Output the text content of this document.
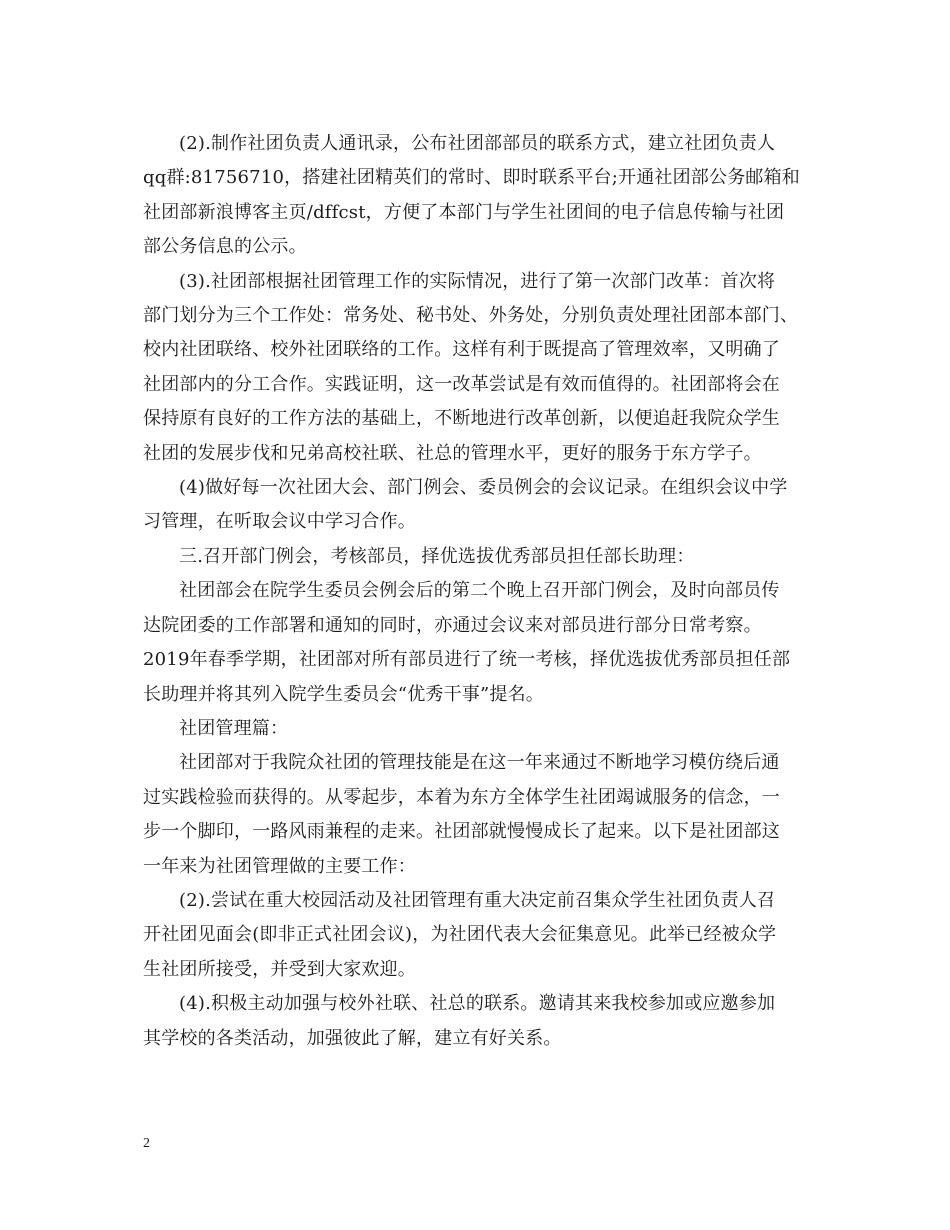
(2).制作社团负责人通讯录，公布社团部部员的联系方式，建立社团负责人
qq群:81756710，搭建社团精英们的常时、即时联系平台;开通社团部公务邮箱和
社团部新浪博客主页/dffcst，方便了本部门与学生社团间的电子信息传输与社团
部公务信息的公示。

(3).社团部根据社团管理工作的实际情况，进行了第一次部门改革：首次将
部门划分为三个工作处：常务处、秘书处、外务处，分别负责处理社团部本部门、
校内社团联络、校外社团联络的工作。这样有利于既提高了管理效率，又明确了
社团部内的分工合作。实践证明，这一改革尝试是有效而值得的。社团部将会在
保持原有良好的工作方法的基础上，不断地进行改革创新，以便追赶我院众学生
社团的发展步伐和兄弟高校社联、社总的管理水平，更好的服务于东方学子。

(4)做好每一次社团大会、部门例会、委员例会的会议记录。在组织会议中学
习管理，在听取会议中学习合作。

三.召开部门例会，考核部员，择优选拔优秀部员担任部长助理：

社团部会在院学生委员会例会后的第二个晚上召开部门例会，及时向部员传
达院团委的工作部署和通知的同时，亦通过会议来对部员进行部分日常考察。
2019年春季学期，社团部对所有部员进行了统一考核，择优选拔优秀部员担任部
长助理并将其列入院学生委员会“优秀干事”提名。

社团管理篇：

社团部对于我院众社团的管理技能是在这一年来通过不断地学习模仿绕后通
过实践检验而获得的。从零起步，本着为东方全体学生社团竭诚服务的信念，一
步一个脚印，一路风雨兼程的走来。社团部就慢慢成长了起来。以下是社团部这
一年来为社团管理做的主要工作：

(2).尝试在重大校园活动及社团管理有重大决定前召集众学生社团负责人召
开社团见面会(即非正式社团会议)，为社团代表大会征集意见。此举已经被众学
生社团所接受，并受到大家欢迎。

(4).积极主动加强与校外社联、社总的联系。邀请其来我校参加或应邀参加
其学校的各类活动，加强彼此了解，建立有好关系。

2
